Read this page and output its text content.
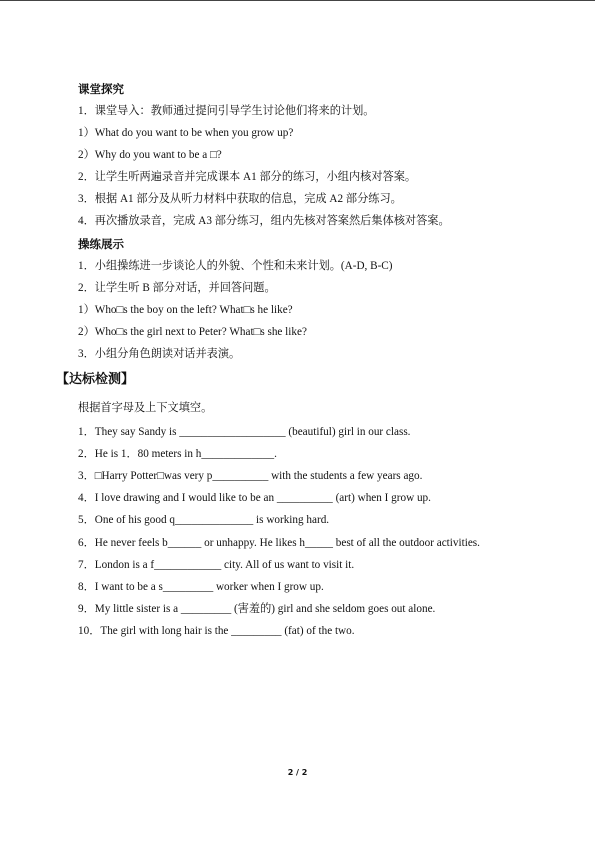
课堂探究
1．课堂导入：教师通过提问引导学生讨论他们将来的计划。
1）What do you want to be when you grow up?
2）Why do you want to be a □?
2．让学生听两遍录音并完成课本 A1 部分的练习，小组内核对答案。
3．根据 A1 部分及从听力材料中获取的信息，完成 A2 部分练习。
4．再次播放录音，完成 A3 部分练习，组内先核对答案然后集体核对答案。
操练展示
1．小组操练进一步谈论人的外貌、个性和未来计划。(A-D, B-C)
2．让学生听 B 部分对话，并回答问题。
1）Who□s the boy on the left? What□s he like?
2）Who□s the girl next to Peter? What□s she like?
3．小组分角色朗读对话并表演。
【达标检测】
根据首字母及上下文填空。
1．They say Sandy is ___________________ (beautiful) girl in our class.
2．He is 1．80 meters in h_____________.
3．□Harry Potter□was very p__________ with the students a few years ago.
4．I love drawing and I would like to be an __________ (art) when I grow up.
5．One of his good q______________ is working hard.
6．He never feels b______ or unhappy. He likes h_____ best of all the outdoor activities.
7．London is a f____________ city. All of us want to visit it.
8．I want to be a s_________ worker when I grow up.
9．My little sister is a _________ (害羞的) girl and she seldom goes out alone.
10．The girl with long hair is the _________ (fat) of the two.
2 / 2
